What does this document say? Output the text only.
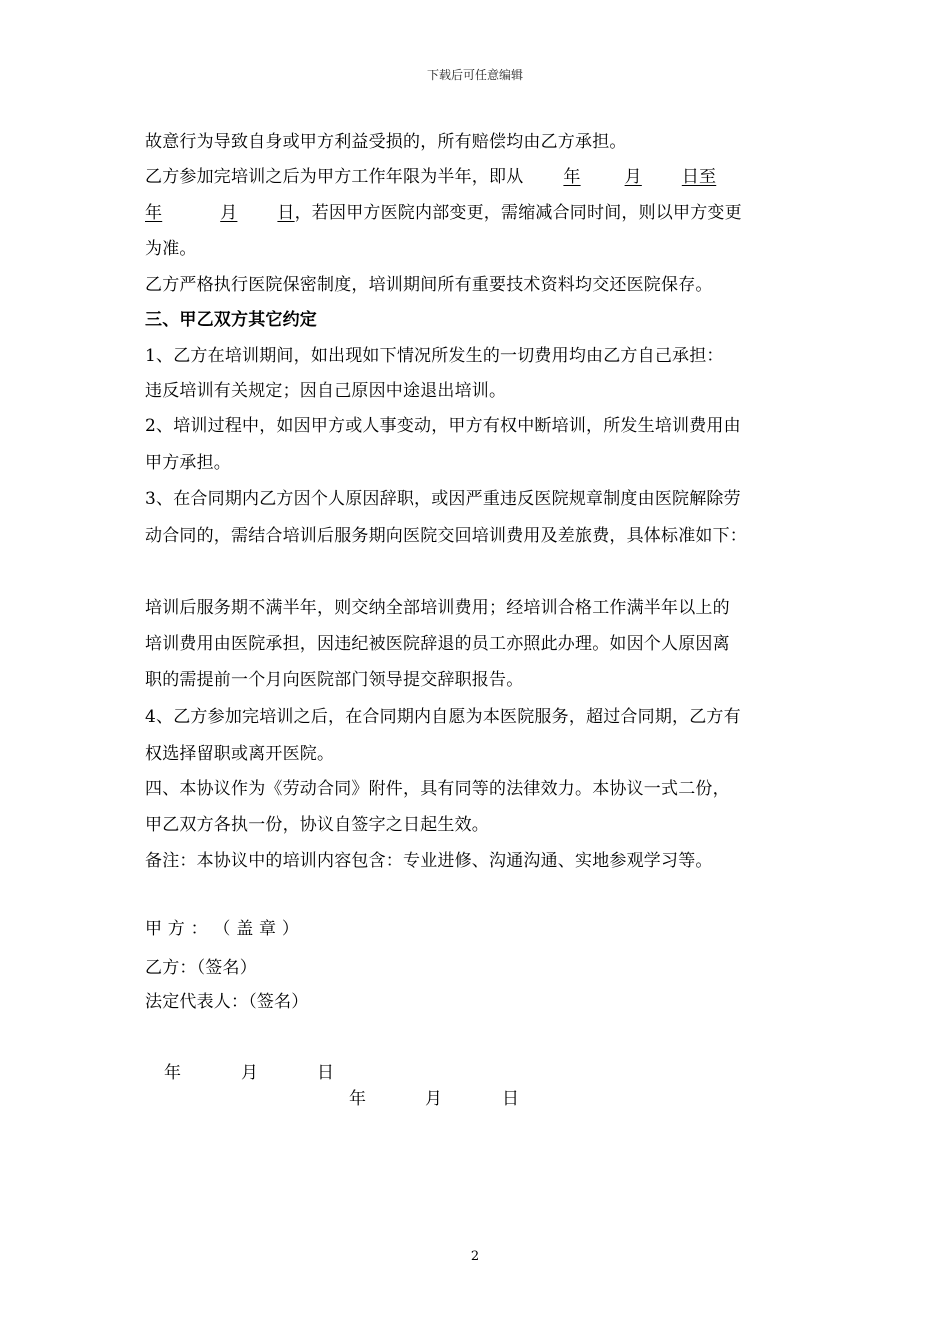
下载后可任意编辑
故意行为导致自身或甲方利益受损的，所有赔偿均由乙方承担。
乙方参加完培训之后为甲方工作年限为半年，即从 年	月 日至
年	月 日，若因甲方医院内部变更，需缩减合同时间，则以甲方变更
为准。
乙方严格执行医院保密制度，培训期间所有重要技术资料均交还医院保存。
三、甲乙双方其它约定
1、乙方在培训期间，如出现如下情况所发生的一切费用均由乙方自己承担：
违反培训有关规定；因自己原因中途退出培训。
2、培训过程中，如因甲方或人事变动，甲方有权中断培训，所发生培训费用由
甲方承担。
3、在合同期内乙方因个人原因辞职，或因严重违反医院规章制度由医院解除劳
动合同的，需结合培训后服务期向医院交回培训费用及差旅费，具体标准如下：
培训后服务期不满半年，则交纳全部培训费用；经培训合格工作满半年以上的
培训费用由医院承担，因违纪被医院辞退的员工亦照此办理。如因个人原因离
职的需提前一个月向医院部门领导提交辞职报告。
4、乙方参加完培训之后，在合同期内自愿为本医院服务，超过合同期，乙方有
权选择留职或离开医院。
四、本协议作为《劳动合同》附件，具有同等的法律效力。本协议一式二份，
甲乙双方各执一份，协议自签字之日起生效。
备注：本协议中的培训内容包含：专业进修、沟通沟通、实地参观学习等。
甲 方 ： （ 盖 章 ）
乙方：（签名）
法定代表人：（签名）
年	月	日
年	月	日
2
